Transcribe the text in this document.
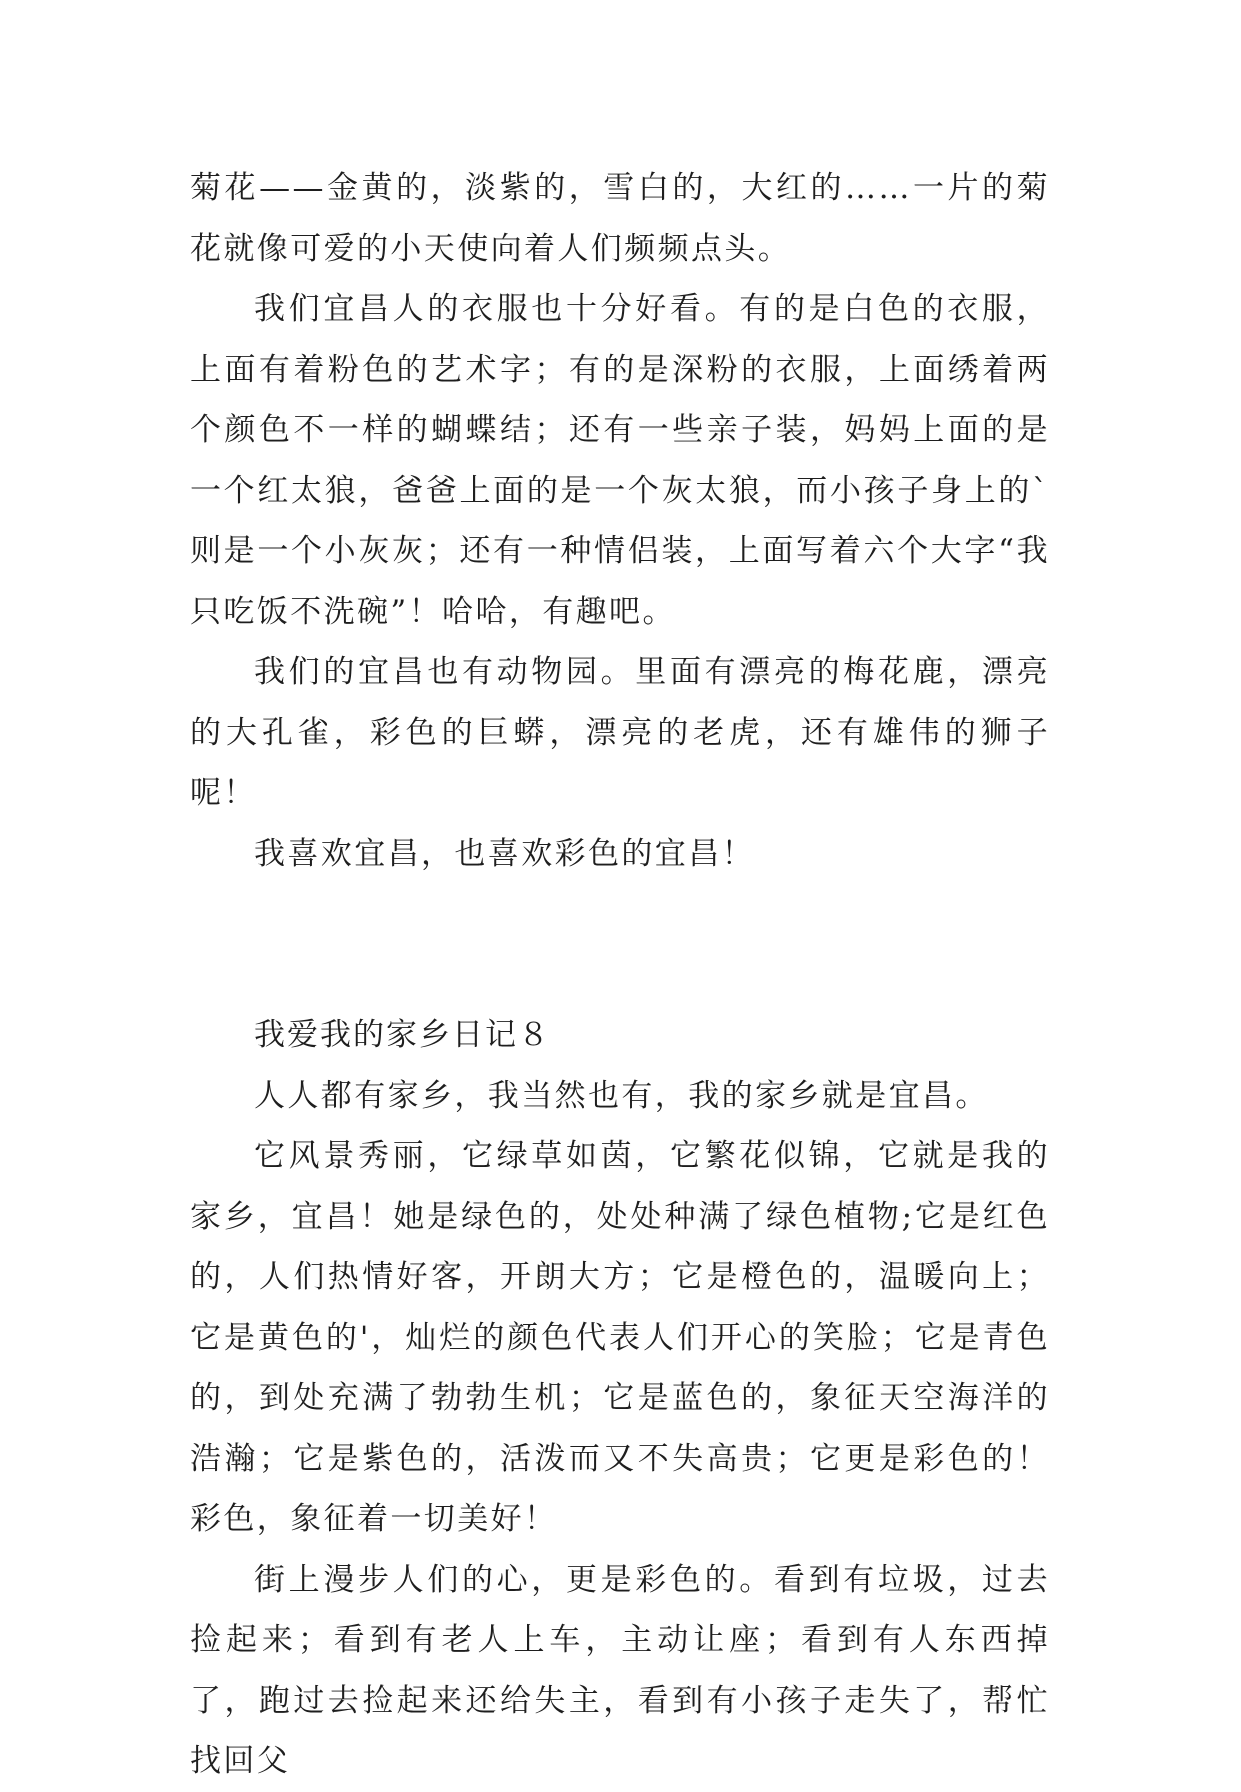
菊花——金黄的，淡紫的，雪白的，大红的……一片的菊花就像可爱的小天使向着人们频频点头。

我们宜昌人的衣服也十分好看。有的是白色的衣服，上面有着粉色的艺术字；有的是深粉的衣服，上面绣着两个颜色不一样的蝴蝶结；还有一些亲子装，妈妈上面的是一个红太狼，爸爸上面的是一个灰太狼，而小孩子身上的`则是一个小灰灰；还有一种情侣装，上面写着六个大字“我只吃饭不洗碗”！哈哈，有趣吧。

我们的宜昌也有动物园。里面有漂亮的梅花鹿，漂亮的大孔雀，彩色的巨蟒，漂亮的老虎，还有雄伟的狮子呢！

我喜欢宜昌，也喜欢彩色的宜昌！

我爱我的家乡日记８

人人都有家乡，我当然也有，我的家乡就是宜昌。

它风景秀丽，它绿草如茵，它繁花似锦，它就是我的家乡，宜昌！她是绿色的，处处种满了绿色植物;它是红色的，人们热情好客，开朗大方；它是橙色的，温暖向上；它是黄色的'，灿烂的颜色代表人们开心的笑脸；它是青色的，到处充满了勃勃生机；它是蓝色的，象征天空海洋的浩瀚；它是紫色的，活泼而又不失高贵；它更是彩色的！彩色，象征着一切美好！

街上漫步人们的心，更是彩色的。看到有垃圾，过去捡起来；看到有老人上车，主动让座；看到有人东西掉了，跑过去捡起来还给失主，看到有小孩子走失了，帮忙找回父
